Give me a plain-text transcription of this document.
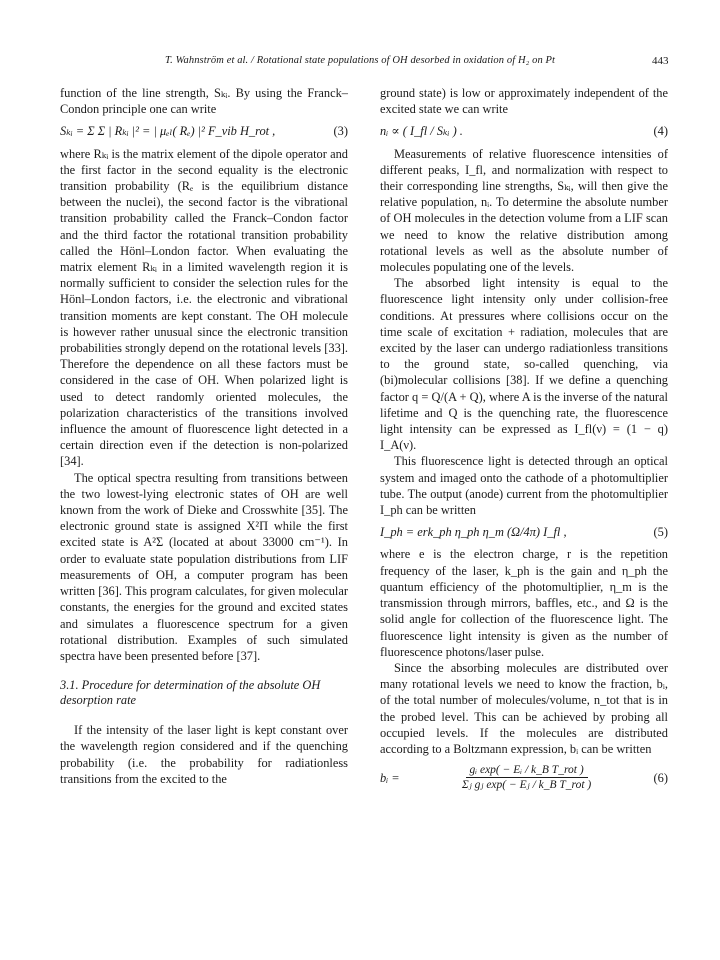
T. Wahnström et al. / Rotational state populations of OH desorbed in oxidation of H₂ on Pt	443

function of the line strength, Sₖᵢ. By using the Franck–Condon principle one can write

Sₖᵢ = Σ Σ | Rₖᵢ |² = | μₑₗ( Rₑ) |² F_vib H_rot ,	(3)

where Rₖᵢ is the matrix element of the dipole operator and the first factor in the second equality is the electronic transition probability (Rₑ is the equilibrium distance between the nuclei), the second factor is the vibrational transition probability called the Franck–Condon factor and the third factor the rotational transition probability called the Hönl–London factor. When evaluating the matrix element Rₖᵢ in a limited wavelength region it is normally sufficient to consider the selection rules for the Hönl–London factors, i.e. the electronic and vibrational transition moments are kept constant. The OH molecule is however rather unusual since the electronic transition probabilities strongly depend on the rotational levels [33]. Therefore the dependence on all these factors must be considered in the case of OH. When polarized light is used to detect randomly oriented molecules, the polarization characteristics of the transitions involved influence the amount of fluorescence light detected in a certain direction even if the detection is non-polarized [34].

The optical spectra resulting from transitions between the two lowest-lying electronic states of OH are well known from the work of Dieke and Crosswhite [35]. The electronic ground state is assigned X²Π while the first excited state is A²Σ (located at about 33000 cm⁻¹). In order to evaluate state population distributions from LIF measurements of OH, a computer program has been written [36]. This program calculates, for given molecular constants, the energies for the ground and excited states and simulates a fluorescence spectrum for a given rotational distribution. Examples of such simulated spectra have been presented before [37].

3.1. Procedure for determination of the absolute OH desorption rate

If the intensity of the laser light is kept constant over the wavelength region considered and if the quenching probability (i.e. the probability for radiationless transitions from the excited to the

ground state) is low or approximately independent of the excited state we can write

nᵢ ∝ ( I_fl / Sₖᵢ ) .	(4)

Measurements of relative fluorescence intensities of different peaks, I_fl, and normalization with respect to their corresponding line strengths, Sₖᵢ, will then give the relative population, nᵢ. To determine the absolute number of OH molecules in the detection volume from a LIF scan we need to know the relative distribution among rotational levels as well as the absolute number of molecules populating one of the levels.

The absorbed light intensity is equal to the fluorescence light intensity only under collision-free conditions. At pressures where collisions occur on the time scale of excitation + radiation, molecules that are excited by the laser can undergo radiationless transitions to the ground state, so-called quenching, via (bi)molecular collisions [38]. If we define a quenching factor q = Q/(A + Q), where A is the inverse of the natural lifetime and Q is the quenching rate, the fluorescence light intensity can be expressed as I_fl(ν) = (1 − q) I_A(ν).

This fluorescence light is detected through an optical system and imaged onto the cathode of a photomultiplier tube. The output (anode) current from the photomultiplier I_ph can be written

I_ph = erk_ph η_ph η_m (Ω/4π) I_fl ,	(5)

where e is the electron charge, r is the repetition frequency of the laser, k_ph is the gain and η_ph the quantum efficiency of the photomultiplier, η_m is the transmission through mirrors, baffles, etc., and Ω is the solid angle for collection of the fluorescence light. The fluorescence light intensity is given as the number of fluorescence photons/laser pulse.

Since the absorbing molecules are distributed over many rotational levels we need to know the fraction, bᵢ, of the total number of molecules/volume, n_tot that is in the probed level. This can be achieved by probing all occupied levels. If the molecules are distributed according to a Boltzmann expression, bᵢ can be written

bᵢ =
gᵢ exp( − Eᵢ / k_B T_rot )
Σⱼ gⱼ exp( − Eⱼ / k_B T_rot )
(6)
